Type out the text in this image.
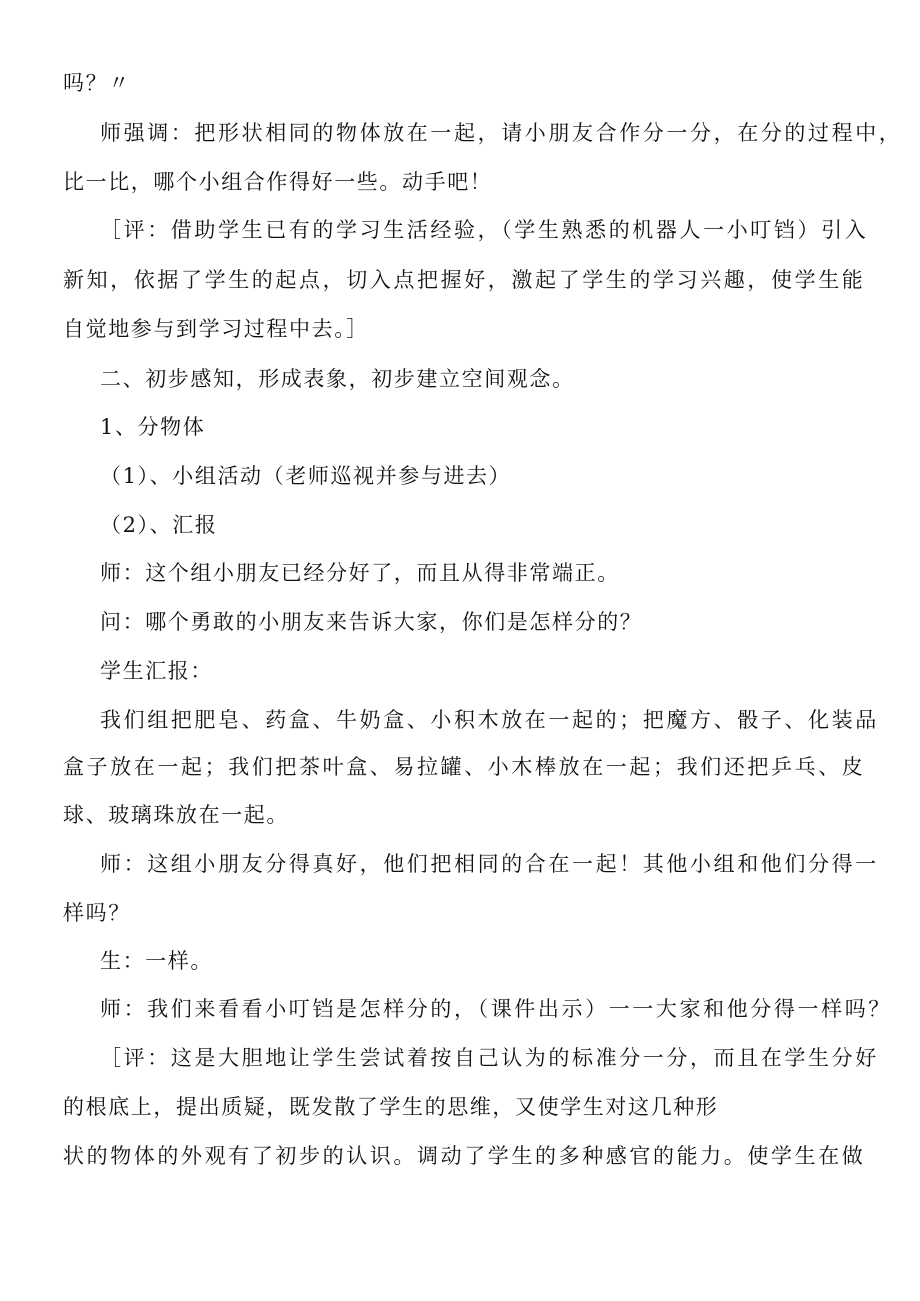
吗？〃
师强调：把形状相同的物体放在一起，请小朋友合作分一分，在分的过程中，
比一比，哪个小组合作得好一些。动手吧！
［评：借助学生已有的学习生活经验，（学生熟悉的机器人一小叮铛）引入
新知，依据了学生的起点，切入点把握好，激起了学生的学习兴趣，使学生能
自觉地参与到学习过程中去。］
二、初步感知，形成表象，初步建立空间观念。
1、分物体
（1）、小组活动（老师巡视并参与进去）
（2）、汇报
师：这个组小朋友已经分好了，而且从得非常端正。
问：哪个勇敢的小朋友来告诉大家，你们是怎样分的？
学生汇报：
我们组把肥皂、药盒、牛奶盒、小积木放在一起的；把魔方、骰子、化装品
盒子放在一起；我们把茶叶盒、易拉罐、小木棒放在一起；我们还把乒乓、皮
球、玻璃珠放在一起。
师：这组小朋友分得真好，他们把相同的合在一起！其他小组和他们分得一
样吗？
生：一样。
师：我们来看看小叮铛是怎样分的，（课件出示）一一大家和他分得一样吗？
［评：这是大胆地让学生尝试着按自己认为的标准分一分，而且在学生分好
的根底上，提出质疑，既发散了学生的思维，又使学生对这几种形
状的物体的外观有了初步的认识。调动了学生的多种感官的能力。使学生在做
